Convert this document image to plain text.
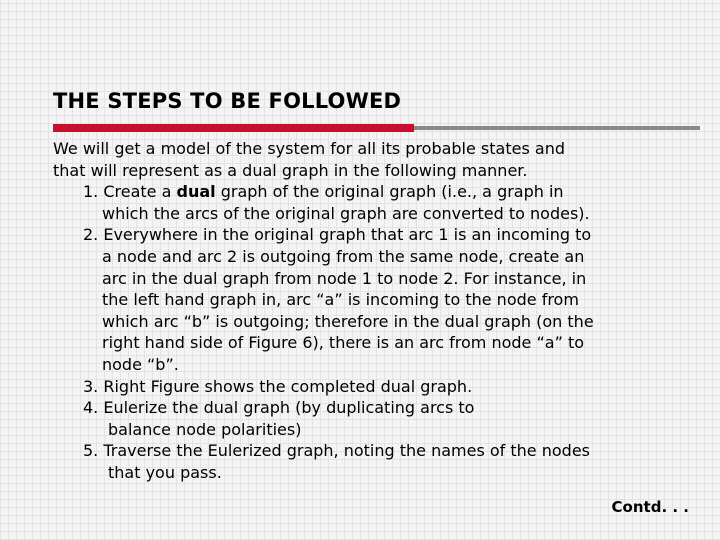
THE STEPS TO BE FOLLOWED
We will get a model of the system for all its probable states and
that will represent as a dual graph in the following manner.
1. Create a dual graph of the original graph (i.e., a graph in
which the arcs of the original graph are converted to nodes).
2. Everywhere in the original graph that arc 1 is an incoming to
a node and arc 2 is outgoing from the same node, create an
arc in the dual graph from node 1 to node 2. For instance, in
the left hand graph in, arc “a” is incoming to the node from
which arc “b” is outgoing; therefore in the dual graph (on the
right hand side of Figure 6), there is an arc from node “a” to
node “b”.
3. Right Figure shows the completed dual graph.
4. Eulerize the dual graph (by duplicating arcs to
balance node polarities)
5. Traverse the Eulerized graph, noting the names of the nodes
that you pass.
Contd. . .
